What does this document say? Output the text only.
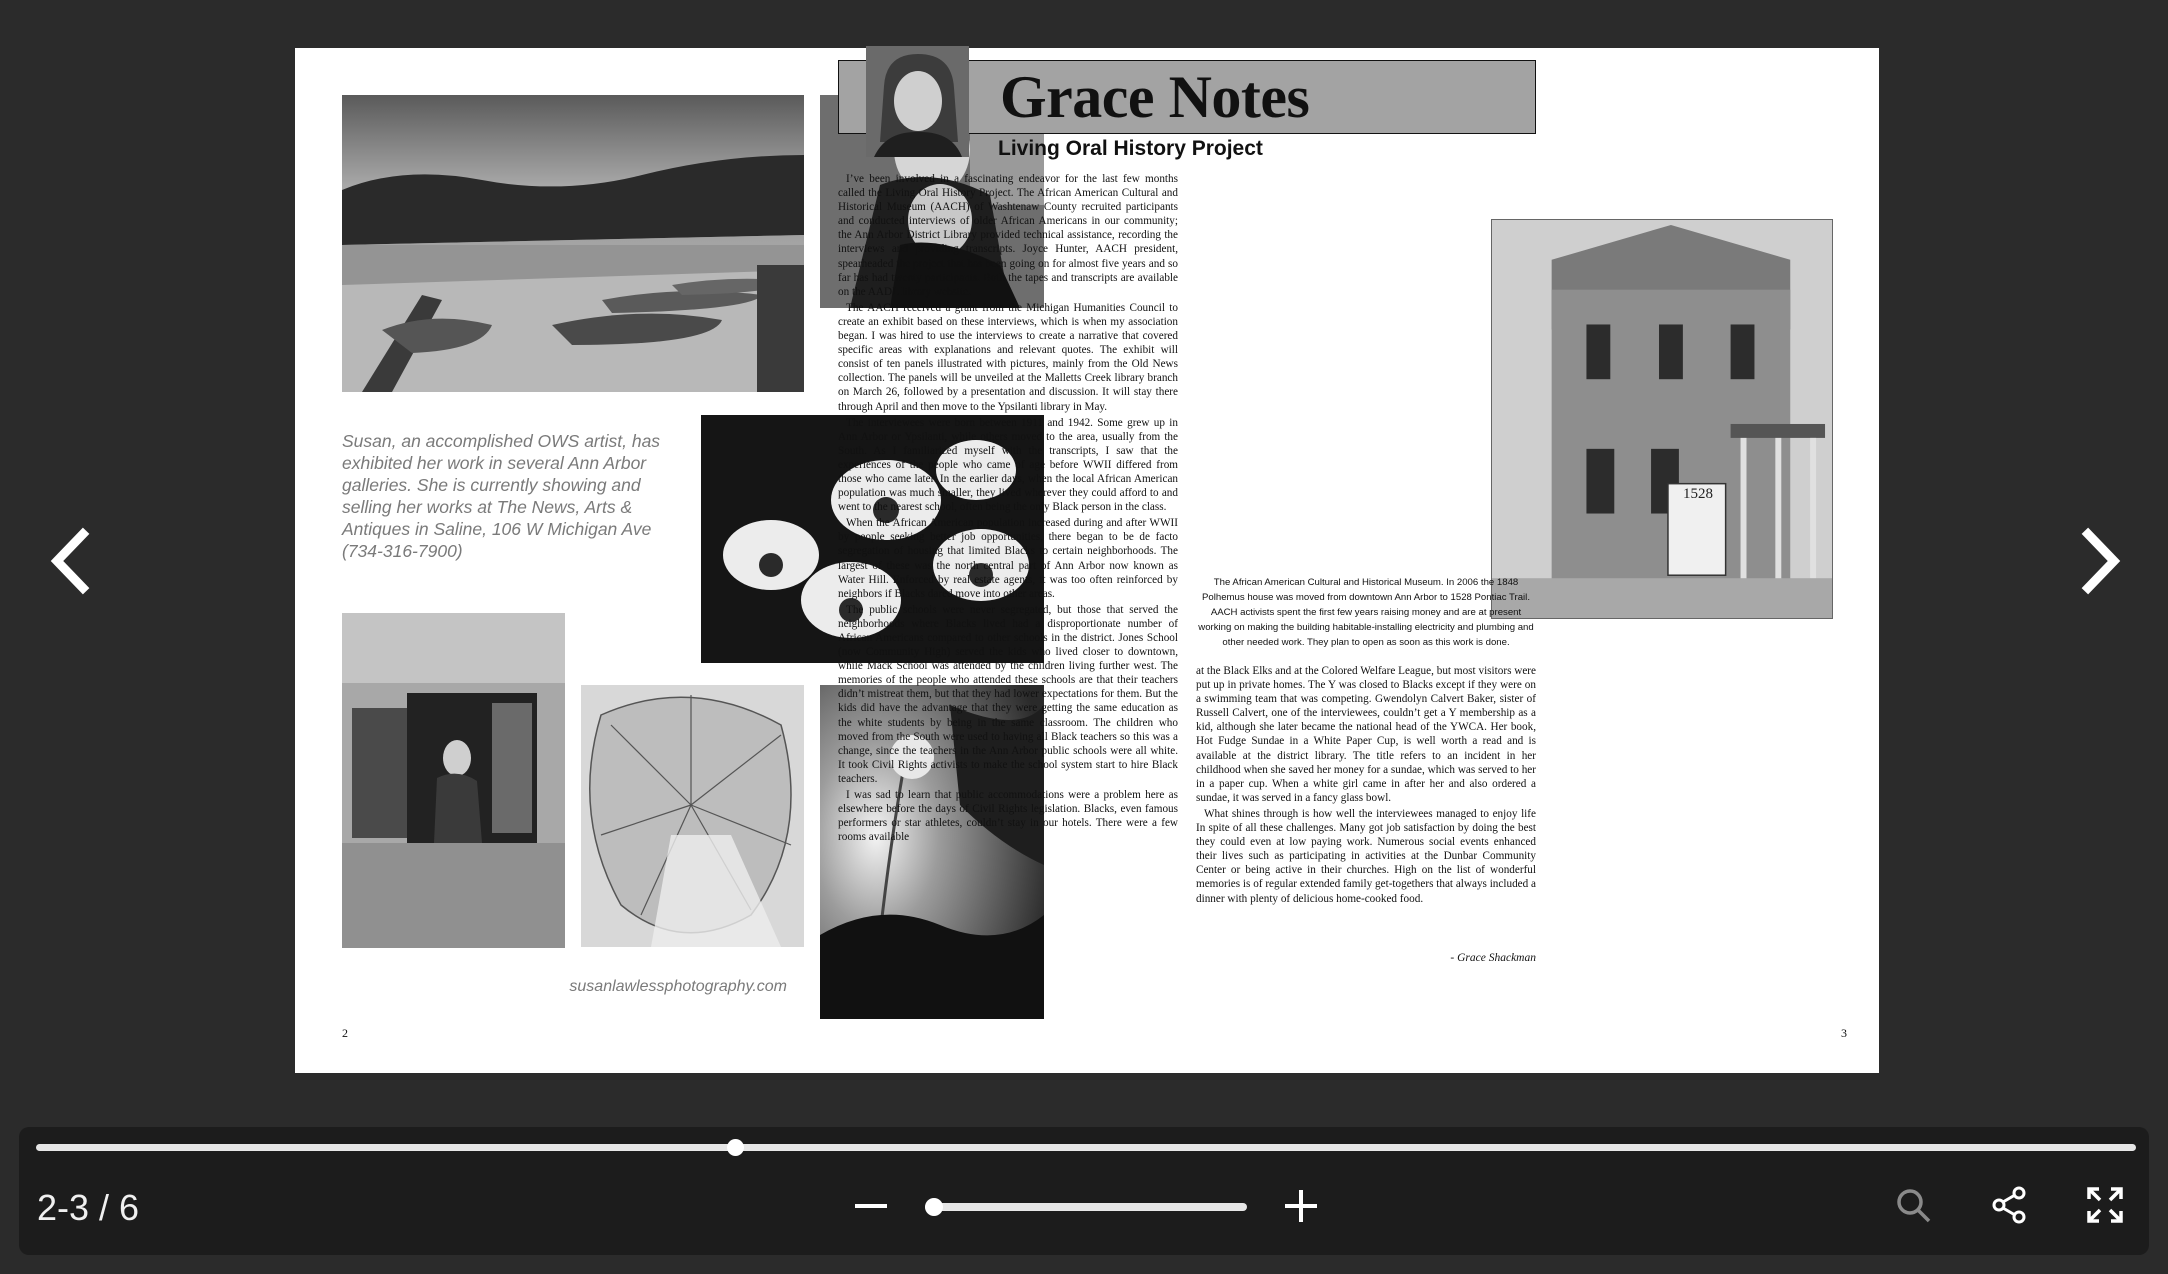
Susan, an accomplished OWS artist, has exhibited her work in several Ann Arbor galleries. She is currently showing and selling her works at The News, Arts & Antiques in Saline, 106 W Michigan Ave (734-316-7900)
susanlawlessphotography.com
2	3
Grace Notes
Living Oral History Project

I’ve been involved in a fascinating endeavor for the last few months called the Living Oral History Project. The African American Cultural and Historical Museum (AACH) of Washtenaw County recruited participants and conducted interviews of older African Americans in our community; the Ann Arbor District Library provided technical assistance, recording the interviews and providing transcripts. Joyce Hunter, AACH president, spearheaded the project that has been going on for almost five years and so far has had twenty participants. Both the tapes and transcripts are available on the AADL library website.

The AACH received a grant from the Michigan Humanities Council to create an exhibit based on these interviews, which is when my association began. I was hired to use the interviews to create a narrative that covered specific areas with explanations and relevant quotes. The exhibit will consist of ten panels illustrated with pictures, mainly from the Old News collection. The panels will be unveiled at the Malletts Creek library branch on March 26, followed by a presentation and discussion. It will stay there through April and then move to the Ypsilanti library in May.

The interviewees were born between 1911 and 1942. Some grew up in Ann Arbor or Ypsilanti, while others moved to the area, usually from the South. As I familiarized myself with the transcripts, I saw that the experiences of the people who came of age before WWII differed from those who came later. In the earlier days, when the local African American population was much smaller, they lived wherever they could afford to and went to the nearest school, often being the only Black person in the class.

When the African American population increased during and after WWII by people seeking better job opportunities, there began to be de facto segregation of housing that limited Blacks to certain neighborhoods. The largest of these was the north central part of Ann Arbor now known as Water Hill. Enforced by real estate agents, it was too often reinforced by neighbors if Blacks dared move into other areas.

The public schools were never segregated, but those that served the neighborhoods where Blacks lived had a disproportionate number of African Americans compared to other schools in the district. Jones School (now Community High) served the kids who lived closer to downtown, while Mack School was attended by the children living further west. The memories of the people who attended these schools are that their teachers didn’t mistreat them, but that they had lower expectations for them. But the kids did have the advantage that they were getting the same education as the white students by being in the same classroom. The children who moved from the South were used to having all Black teachers so this was a change, since the teachers in the Ann Arbor public schools were all white. It took Civil Rights activists to make the school system start to hire Black teachers.

I was sad to learn that public accommodations were a problem here as elsewhere before the days of Civil Rights legislation. Blacks, even famous performers or star athletes, couldn’t stay in our hotels. There were a few rooms available

1528
The African American Cultural and Historical Museum. In 2006 the 1848 Polhemus house was moved from downtown Ann Arbor to 1528 Pontiac Trail. AACH activists spent the first few years raising money and are at present working on making the building habitable-installing electricity and plumbing and other needed work. They plan to open as soon as this work is done.

at the Black Elks and at the Colored Welfare League, but most visitors were put up in private homes. The Y was closed to Blacks except if they were on a swimming team that was competing. Gwendolyn Calvert Baker, sister of Russell Calvert, one of the interviewees, couldn’t get a Y membership as a kid, although she later became the national head of the YWCA. Her book, Hot Fudge Sundae in a White Paper Cup, is well worth a read and is available at the district library. The title refers to an incident in her childhood when she saved her money for a sundae, which was served to her in a paper cup. When a white girl came in after her and also ordered a sundae, it was served in a fancy glass bowl.

What shines through is how well the interviewees managed to enjoy life In spite of all these challenges. Many got job satisfaction by doing the best they could even at low paying work. Numerous social events enhanced their lives such as participating in activities at the Dunbar Community Center or being active in their churches. High on the list of wonderful memories is of regular extended family get-togethers that always included a dinner with plenty of delicious home-cooked food.

- Grace Shackman
2-3 / 6
